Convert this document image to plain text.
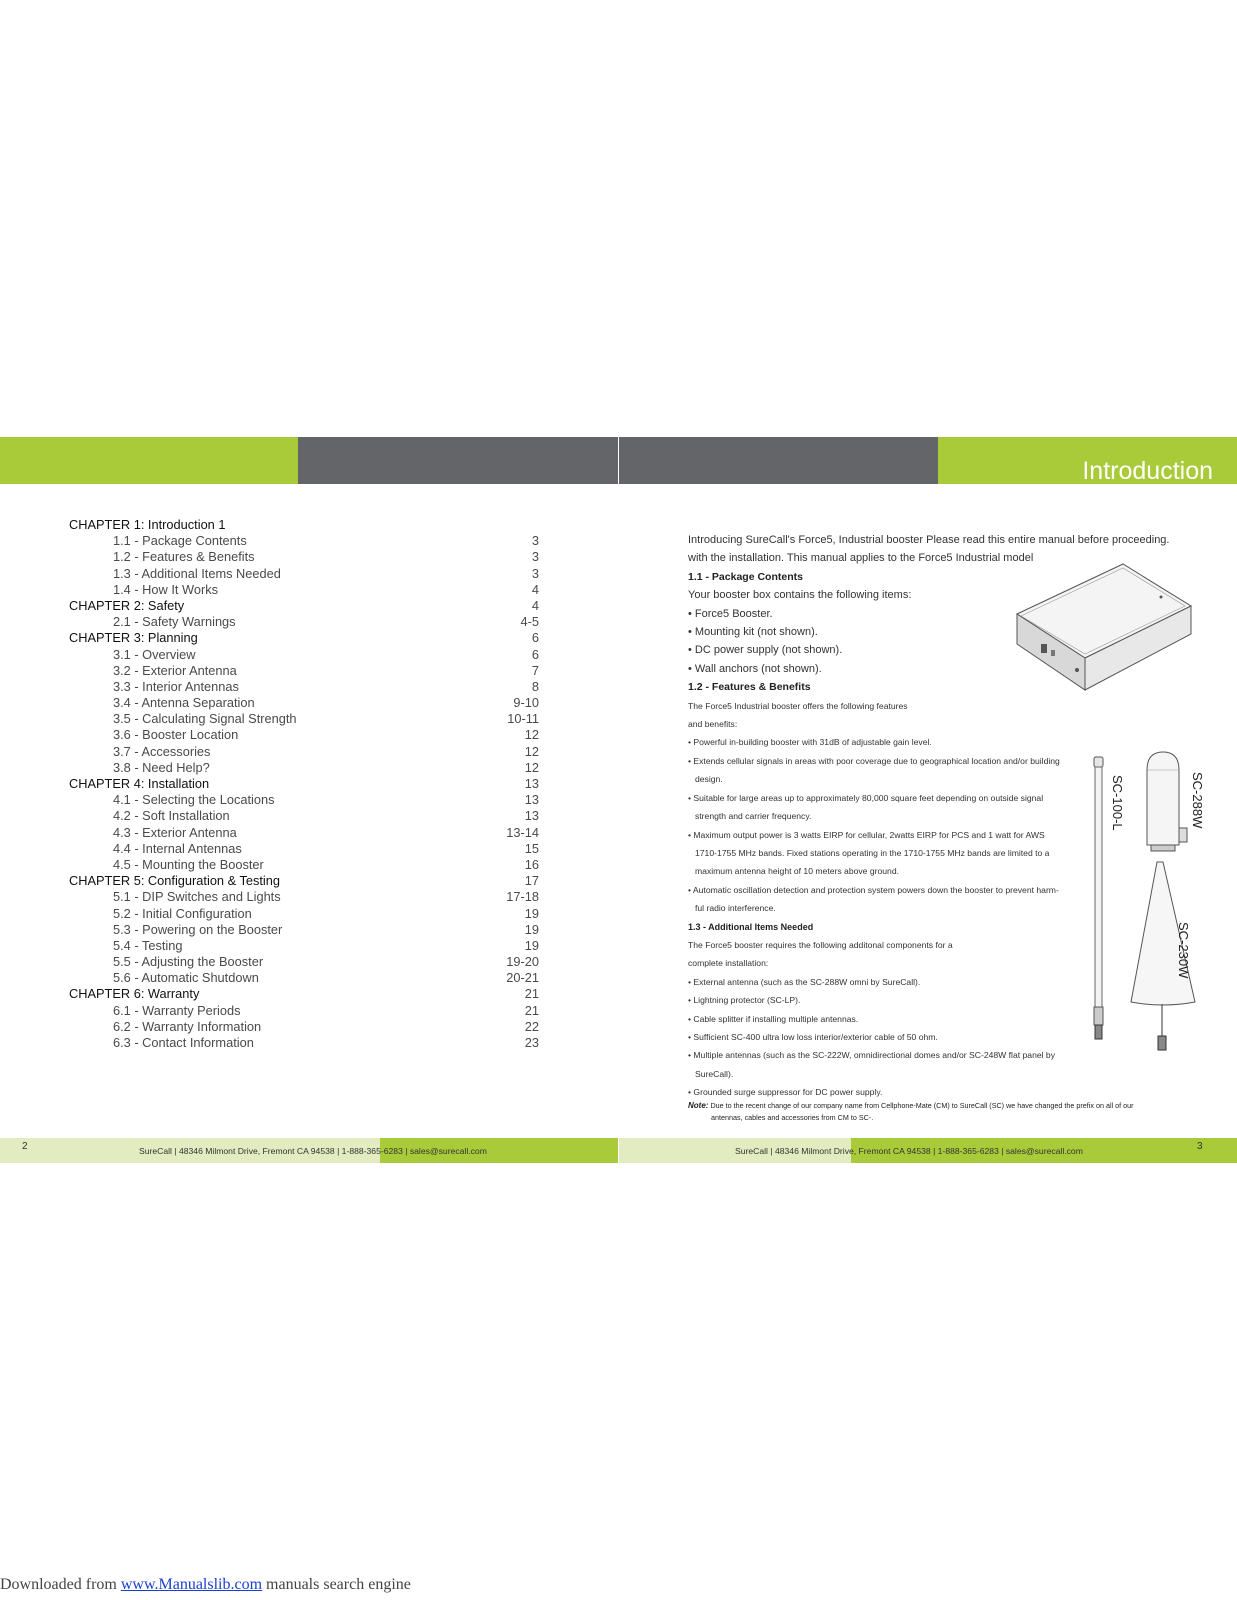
Introduction
CHAPTER 1: Introduction 1
1.1 - Package Contents	3
1.2 - Features & Benefits	3
1.3 - Additional Items Needed	3
1.4 - How It Works	4
CHAPTER 2: Safety	4
2.1 - Safety Warnings	4-5
CHAPTER 3: Planning	6
3.1 - Overview	6
3.2 - Exterior Antenna	7
3.3 - Interior Antennas	8
3.4 - Antenna Separation	9-10
3.5 - Calculating Signal Strength	10-11
3.6 - Booster Location	12
3.7 - Accessories	12
3.8 - Need Help?	12
CHAPTER 4: Installation	13
4.1 - Selecting the Locations	13
4.2 - Soft Installation	13
4.3 - Exterior Antenna	13-14
4.4 - Internal Antennas	15
4.5 - Mounting the Booster	16
CHAPTER 5: Configuration & Testing	17
5.1 - DIP Switches and Lights	17-18
5.2 - Initial Configuration	19
5.3 - Powering on the Booster	19
5.4 - Testing	19
5.5 - Adjusting the Booster	19-20
5.6 - Automatic Shutdown	20-21
CHAPTER 6: Warranty	21
6.1 - Warranty Periods	21
6.2 - Warranty Information	22
6.3 - Contact Information	23
Introducing SureCall's Force5, Industrial booster Please read this entire manual before proceeding.
with the installation. This manual applies to the Force5 Industrial model
1.1 - Package Contents
Your booster box contains the following items:
• Force5 Booster.
• Mounting kit (not shown).
• DC power supply (not shown).
• Wall anchors (not shown).
1.2 - Features & Benefits
The Force5 Industrial booster offers the following features
and benefits:
• Powerful in-building booster with 31dB of adjustable gain level.
• Extends cellular signals in areas with poor coverage due to geographical location and/or building
design.
• Suitable for large areas up to approximately 80,000 square feet depending on outside signal
strength and carrier frequency.
• Maximum output power is 3 watts EIRP for cellular, 2watts EIRP for PCS and 1 watt for AWS
1710-1755 MHz bands. Fixed stations operating in the 1710-1755 MHz bands are limited to a
maximum antenna height of 10 meters above ground.
• Automatic oscillation detection and protection system powers down the booster to prevent harm-
ful radio interference.
1.3 - Additional Items Needed
The Force5 booster requires the following additonal components for a
complete installation:
• External antenna (such as the SC-288W omni by SureCall).
• Lightning protector (SC-LP).
• Cable splitter if installing multiple antennas.
• Sufficient SC-400 ultra low loss interior/exterior cable of 50 ohm.
• Multiple antennas (such as the SC-222W, omnidirectional domes and/or SC-248W flat panel by
SureCall).
• Grounded surge suppressor for DC power supply.
Note: Due to the recent change of our company name from Cellphone-Mate (CM) to SureCall (SC) we have changed the prefix on all of our
antennas, cables and accessories from CM to SC-.
SC-100-L	SC-288W
SC-230W
2	3
SureCall | 48346 Milmont Drive, Fremont CA 94538 | 1-888-365-6283 | sales@surecall.com	SureCall | 48346 Milmont Drive, Fremont CA 94538 | 1-888-365-6283 | sales@surecall.com
Downloaded from www.Manualslib.com manuals search engine
